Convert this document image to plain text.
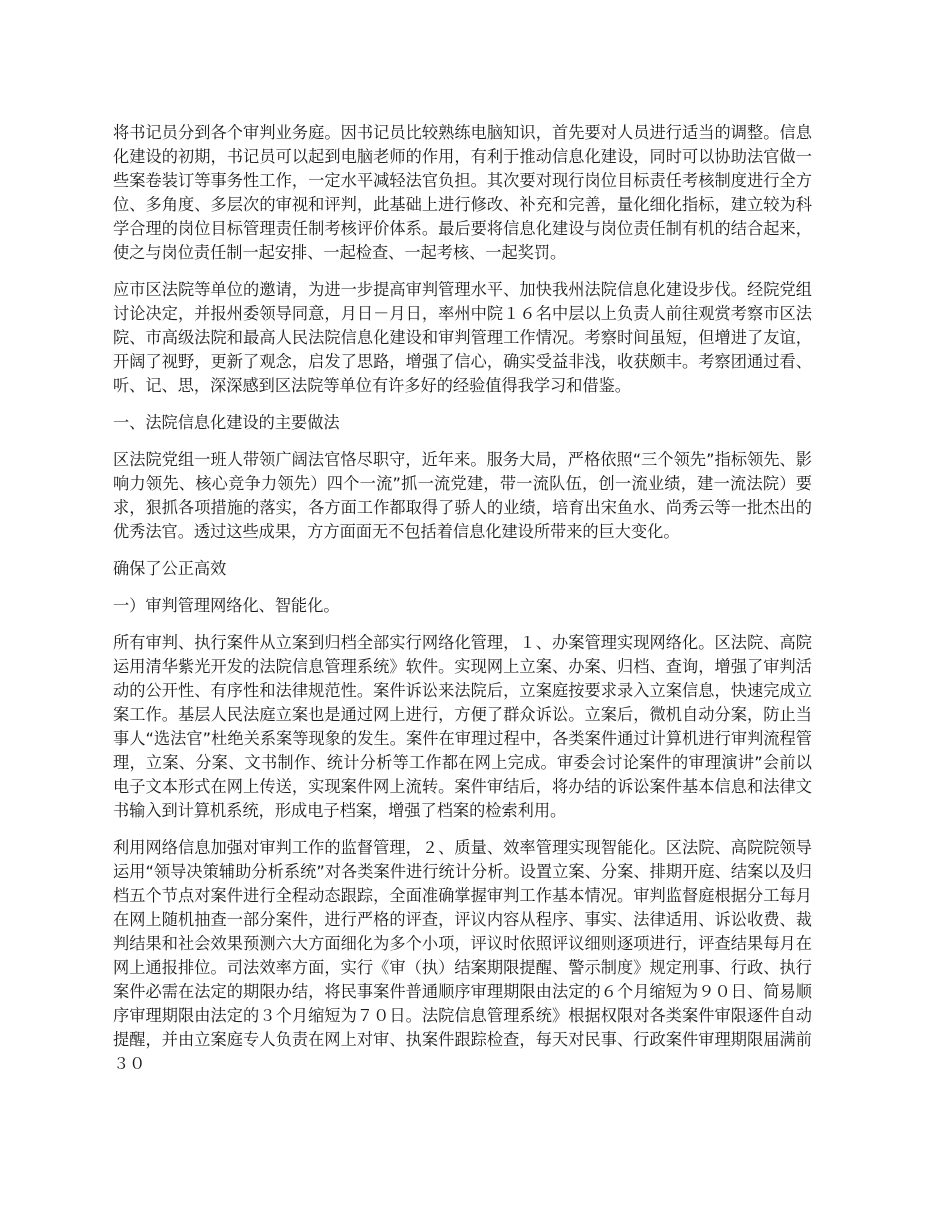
将书记员分到各个审判业务庭。因书记员比较熟练电脑知识，首先要对人员进行适当的调整。信息化建设的初期，书记员可以起到电脑老师的作用，有利于推动信息化建设，同时可以协助法官做一些案卷装订等事务性工作，一定水平减轻法官负担。其次要对现行岗位目标责任考核制度进行全方位、多角度、多层次的审视和评判，此基础上进行修改、补充和完善，量化细化指标，建立较为科学合理的岗位目标管理责任制考核评价体系。最后要将信息化建设与岗位责任制有机的结合起来，使之与岗位责任制一起安排、一起检查、一起考核、一起奖罚。

应市区法院等单位的邀请，为进一步提高审判管理水平、加快我州法院信息化建设步伐。经院党组讨论决定，并报州委领导同意，月日－月日，率州中院１６名中层以上负责人前往观赏考察市区法院、市高级法院和最高人民法院信息化建设和审判管理工作情况。考察时间虽短，但增进了友谊，开阔了视野，更新了观念，启发了思路，增强了信心，确实受益非浅，收获颇丰。考察团通过看、听、记、思，深深感到区法院等单位有许多好的经验值得我学习和借鉴。

一、法院信息化建设的主要做法

区法院党组一班人带领广阔法官恪尽职守，近年来。服务大局，严格依照“三个领先”指标领先、影响力领先、核心竞争力领先）四个一流”抓一流党建，带一流队伍，创一流业绩，建一流法院）要求，狠抓各项措施的落实，各方面工作都取得了骄人的业绩，培育出宋鱼水、尚秀云等一批杰出的优秀法官。透过这些成果，方方面面无不包括着信息化建设所带来的巨大变化。

确保了公正高效

一）审判管理网络化、智能化。

所有审判、执行案件从立案到归档全部实行网络化管理，１、办案管理实现网络化。区法院、高院运用清华紫光开发的法院信息管理系统》软件。实现网上立案、办案、归档、查询，增强了审判活动的公开性、有序性和法律规范性。案件诉讼来法院后，立案庭按要求录入立案信息，快速完成立案工作。基层人民法庭立案也是通过网上进行，方便了群众诉讼。立案后，微机自动分案，防止当事人“选法官”杜绝关系案等现象的发生。案件在审理过程中，各类案件通过计算机进行审判流程管理，立案、分案、文书制作、统计分析等工作都在网上完成。审委会讨论案件的审理演讲”会前以电子文本形式在网上传送，实现案件网上流转。案件审结后，将办结的诉讼案件基本信息和法律文书输入到计算机系统，形成电子档案，增强了档案的检索利用。

利用网络信息加强对审判工作的监督管理，２、质量、效率管理实现智能化。区法院、高院院领导运用“领导决策辅助分析系统”对各类案件进行统计分析。设置立案、分案、排期开庭、结案以及归档五个节点对案件进行全程动态跟踪，全面准确掌握审判工作基本情况。审判监督庭根据分工每月在网上随机抽查一部分案件，进行严格的评查，评议内容从程序、事实、法律适用、诉讼收费、裁判结果和社会效果预测六大方面细化为多个小项，评议时依照评议细则逐项进行，评查结果每月在网上通报排位。司法效率方面，实行《审（执）结案期限提醒、警示制度》规定刑事、行政、执行案件必需在法定的期限办结，将民事案件普通顺序审理期限由法定的６个月缩短为９０日、简易顺序审理期限由法定的３个月缩短为７０日。法院信息管理系统》根据权限对各类案件审限逐件自动提醒，并由立案庭专人负责在网上对审、执案件跟踪检查，每天对民事、行政案件审理期限届满前３０
